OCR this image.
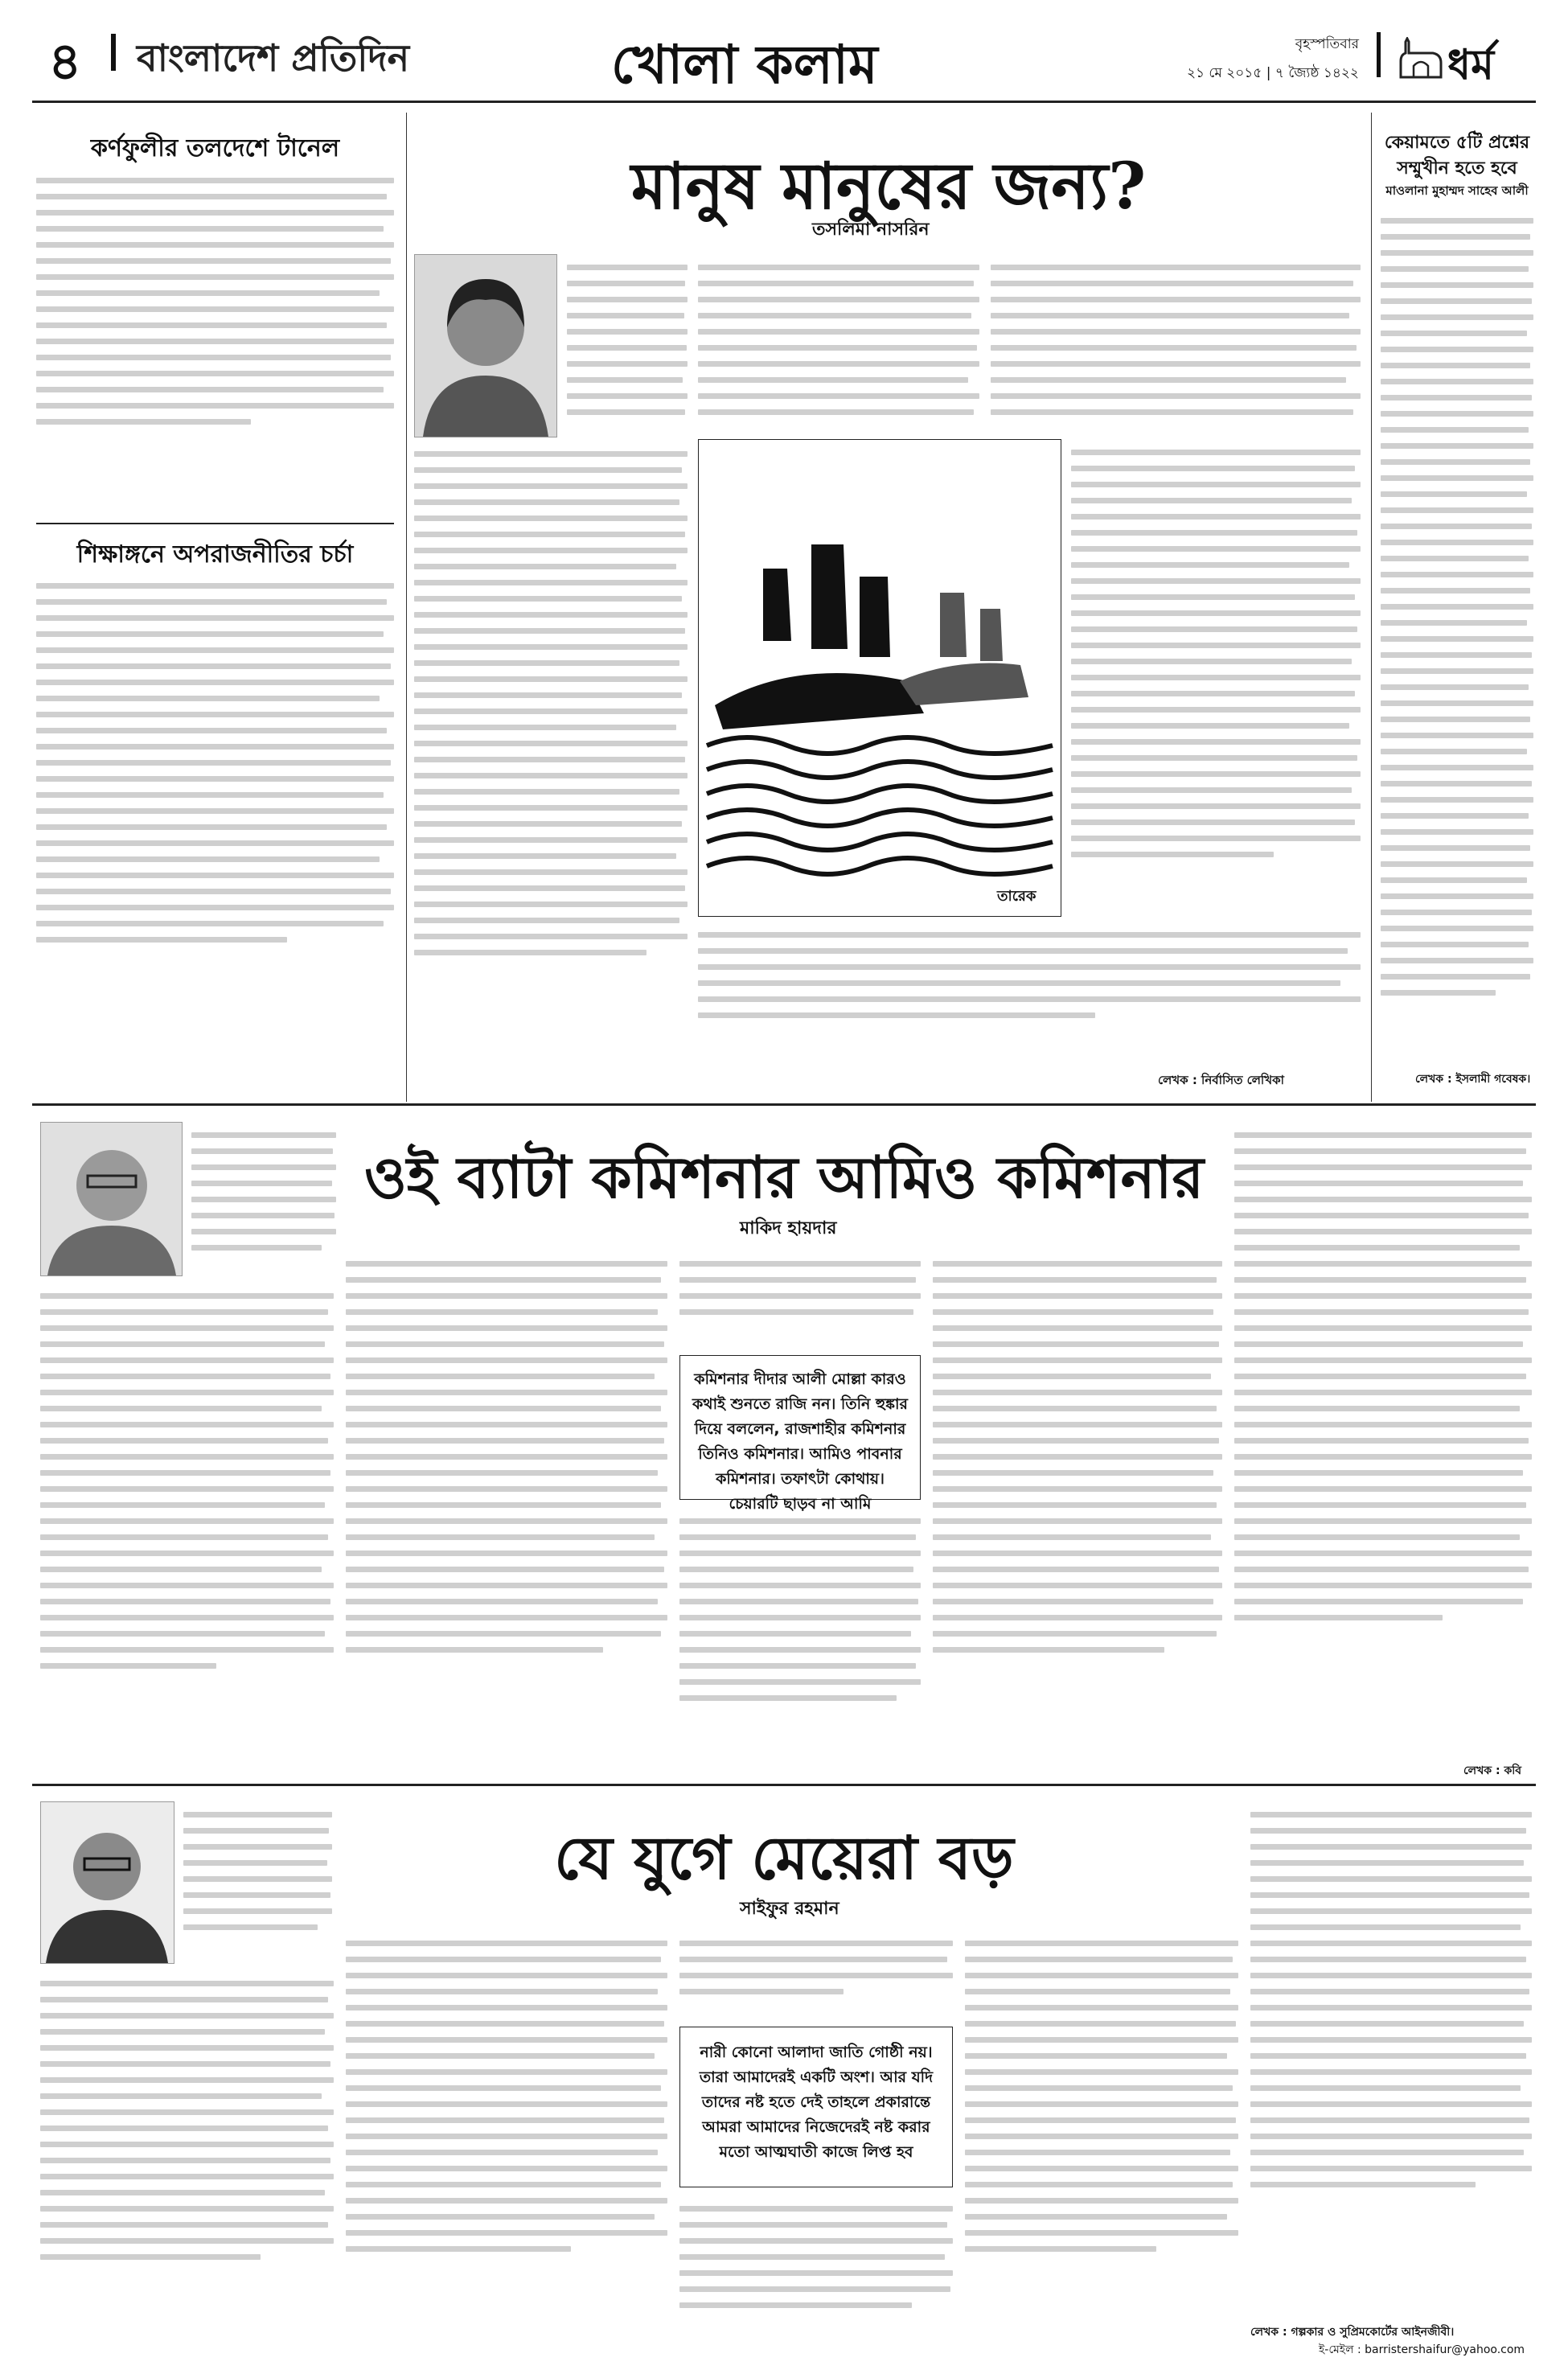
৪ বাংলাদেশ প্রতিদিন	খোলা কলাম	বৃহস্পতিবার
২১ মে ২০১৫ | ৭ জ্যৈষ্ঠ ১৪২২ ধর্ম
কর্ণফুলীর তলদেশে টানেল
শিক্ষাঙ্গনে অপরাজনীতির চর্চা
মানুষ মানুষের জন্য?
তসলিমা নাসরিন
তারেক
লেখক : নির্বাসিত লেখিকা
কেয়ামতে ৫টি প্রশ্নের
সম্মুখীন হতে হবে
মাওলানা মুহাম্মদ সাহেব আলী
লেখক : ইসলামী গবেষক।
ওই ব্যাটা কমিশনার আমিও কমিশনার
মাকিদ হায়দার
কমিশনার দীদার আলী মোল্লা কারও কথাই শুনতে রাজি নন। তিনি হুঙ্কার দিয়ে বললেন, রাজশাহীর কমিশনার তিনিও কমিশনার। আমিও পাবনার কমিশনার। তফাৎটা কোথায়। চেয়ারটি ছাড়ব না আমি
লেখক : কবি
যে যুগে মেয়েরা বড়
সাইফুর রহমান
নারী কোনো আলাদা জাতি গোষ্ঠী নয়। তারা আমাদেরই একটি অংশ। আর যদি তাদের নষ্ট হতে দেই তাহলে প্রকারান্তে আমরা আমাদের নিজেদেরই নষ্ট করার মতো আত্মঘাতী কাজে লিপ্ত হব
লেখক : গল্পকার ও সুপ্রিমকোর্টের আইনজীবী।
ই-মেইল : barristershaifur@yahoo.com
